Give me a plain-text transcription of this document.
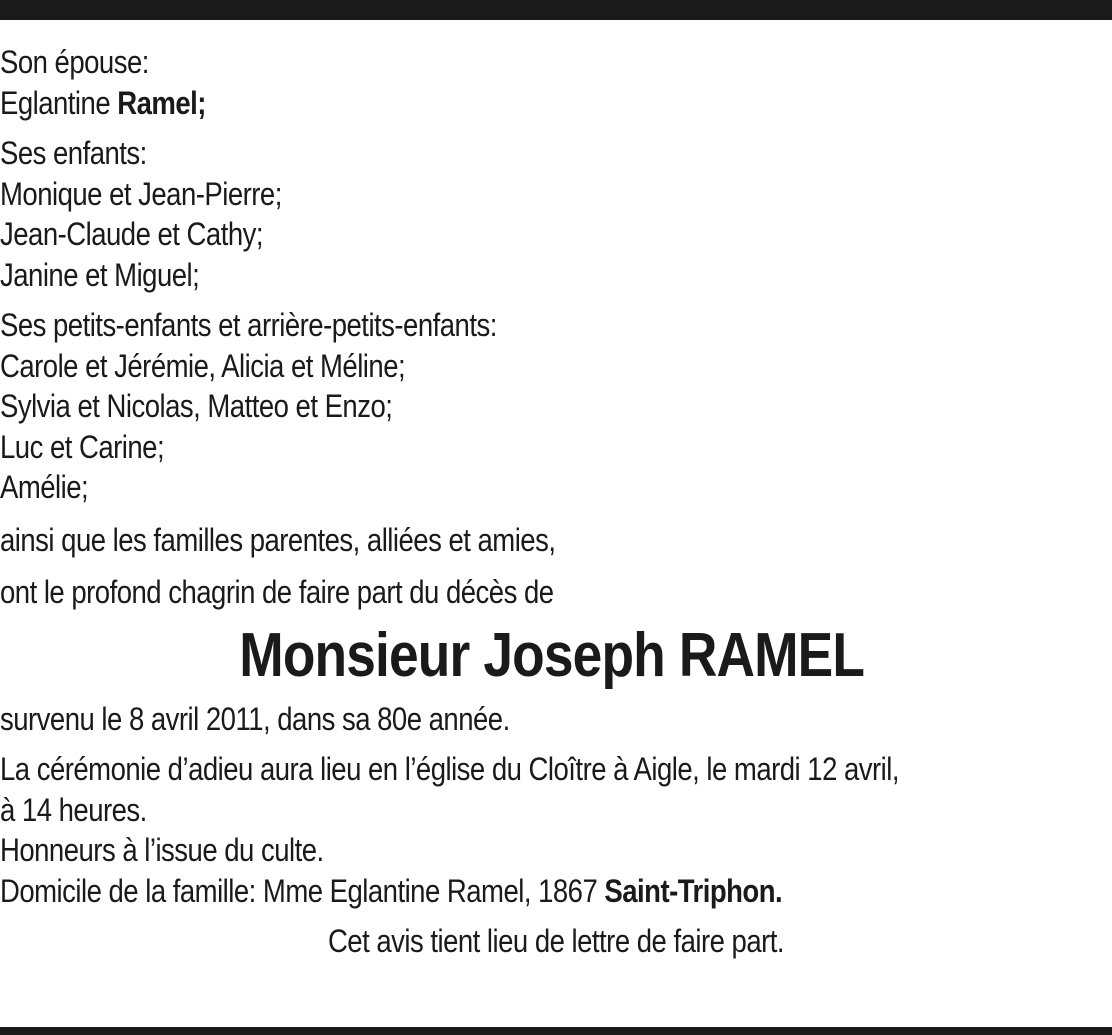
Son épouse:
Eglantine Ramel;
Ses enfants:
Monique et Jean-Pierre;
Jean-Claude et Cathy;
Janine et Miguel;
Ses petits-enfants et arrière-petits-enfants:
Carole et Jérémie, Alicia et Méline;
Sylvia et Nicolas, Matteo et Enzo;
Luc et Carine;
Amélie;
ainsi que les familles parentes, alliées et amies,
ont le profond chagrin de faire part du décès de
Monsieur Joseph RAMEL
survenu le 8 avril 2011, dans sa 80e année.
La cérémonie d’adieu aura lieu en l’église du Cloître à Aigle, le mardi 12 avril,
à 14 heures.
Honneurs à l’issue du culte.
Domicile de la famille: Mme Eglantine Ramel, 1867 Saint-Triphon.
Cet avis tient lieu de lettre de faire part.
